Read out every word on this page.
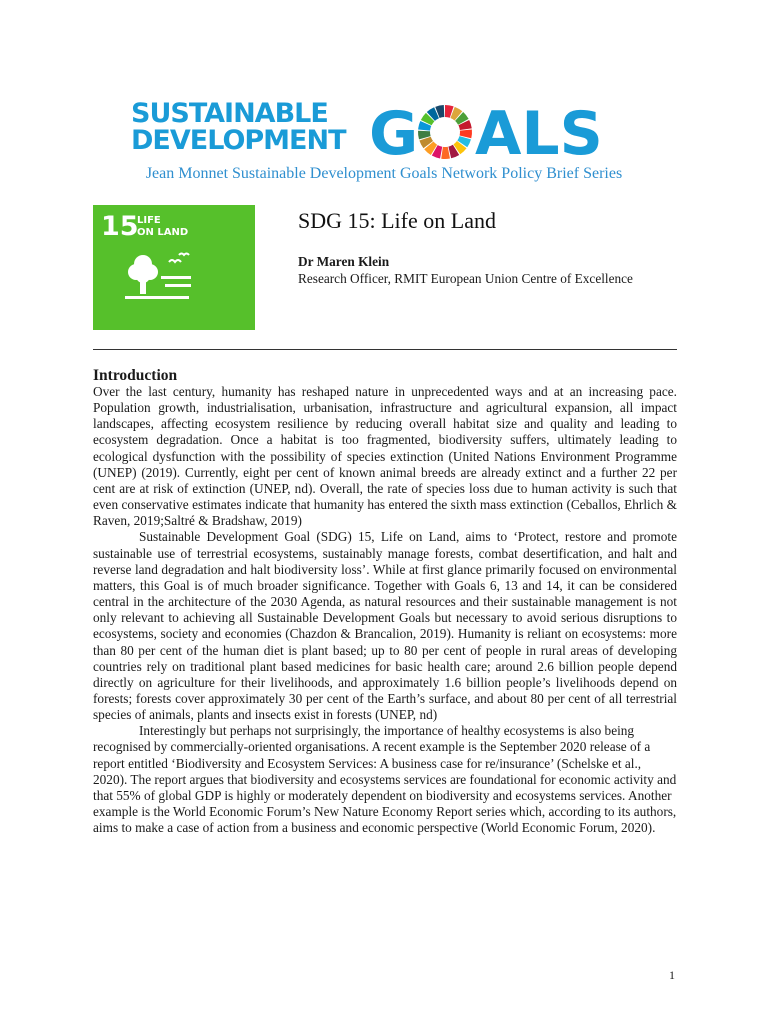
SUSTAINABLE
DEVELOPMENT G ALS
Jean Monnet Sustainable Development Goals Network Policy Brief Series
15
LIFE
ON LAND	SDG 15: Life on Land
Dr Maren Klein
Research Officer, RMIT European Union Centre of Excellence
Introduction

Over the last century, humanity has reshaped nature in unprecedented ways and at an increasing pace. Population growth, industrialisation, urbanisation, infrastructure and agricultural expansion, all impact landscapes, affecting ecosystem resilience by reducing overall habitat size and quality and leading to ecosystem degradation. Once a habitat is too fragmented, biodiversity suffers, ultimately leading to ecological dysfunction with the possibility of species extinction (United Nations Environment Programme (UNEP) (2019). Currently, eight per cent of known animal breeds are already extinct and a further 22 per cent are at risk of extinction (UNEP, nd). Overall, the rate of species loss due to human activity is such that even conservative estimates indicate that humanity has entered the sixth mass extinction (Ceballos, Ehrlich & Raven, 2019;Saltré & Bradshaw, 2019)

Sustainable Development Goal (SDG) 15, Life on Land, aims to ‘Protect, restore and promote sustainable use of terrestrial ecosystems, sustainably manage forests, combat desertification, and halt and reverse land degradation and halt biodiversity loss’. While at first glance primarily focused on environmental matters, this Goal is of much broader significance. Together with Goals 6, 13 and 14, it can be considered central in the architecture of the 2030 Agenda, as natural resources and their sustainable management is not only relevant to achieving all Sustainable Development Goals but necessary to avoid serious disruptions to ecosystems, society and economies (Chazdon & Brancalion, 2019). Humanity is reliant on ecosystems: more than 80 per cent of the human diet is plant based; up to 80 per cent of people in rural areas of developing countries rely on traditional plant based medicines for basic health care; around 2.6 billion people depend directly on agriculture for their livelihoods, and approximately 1.6 billion people’s livelihoods depend on forests; forests cover approximately 30 per cent of the Earth’s surface, and about 80 per cent of all terrestrial species of animals, plants and insects exist in forests (UNEP, nd)

Interestingly but perhaps not surprisingly, the importance of healthy ecosystems is also being recognised by commercially-oriented organisations. A recent example is the September 2020 release of a report entitled ‘Biodiversity and Ecosystem Services: A business case for re/insurance’ (Schelske et al., 2020). The report argues that biodiversity and ecosystems services are foundational for economic activity and that 55% of global GDP is highly or moderately dependent on biodiversity and ecosystems services. Another example is the World Economic Forum’s New Nature Economy Report series which, according to its authors, aims to make a case of action from a business and economic perspective (World Economic Forum, 2020).

1
